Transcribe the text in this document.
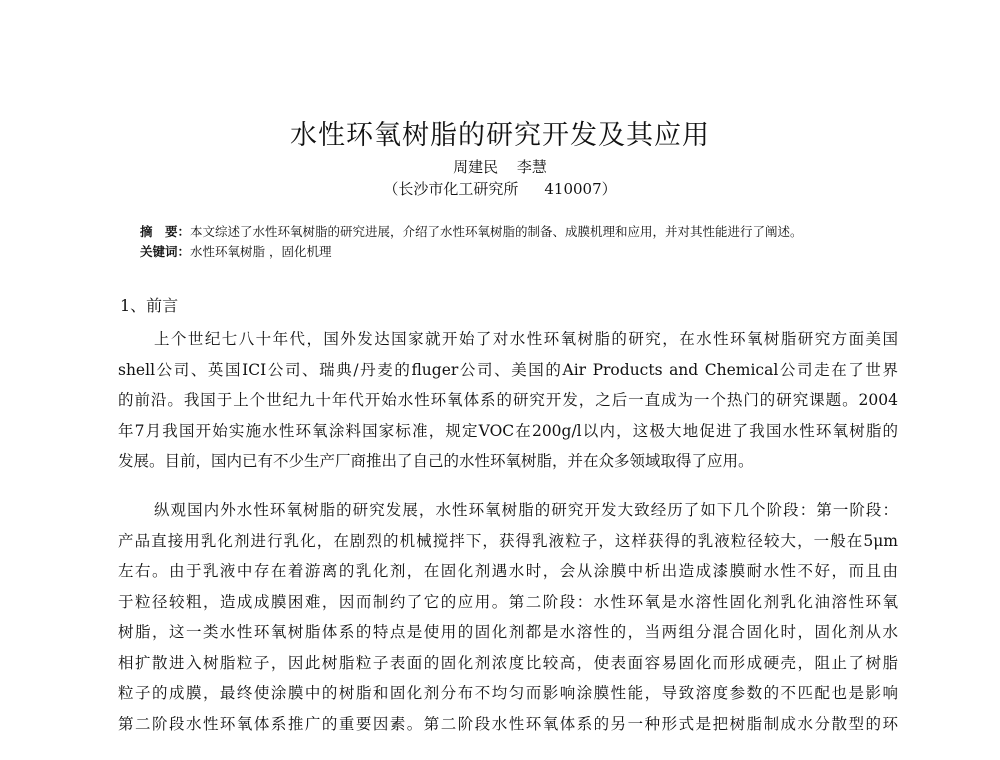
水性环氧树脂的研究开发及其应用
周建民 李慧
（长沙市化工研究所 410007）
摘　要：本文综述了水性环氧树脂的研究进展，介绍了水性环氧树脂的制备、成膜机理和应用，并对其性能进行了阐述。
关键词：水性环氧树脂 ，固化机理
1、前言
上个世纪七八十年代，国外发达国家就开始了对水性环氧树脂的研究，在水性环氧树脂研究方面美国
shell公司、英国ICI公司、瑞典/丹麦的fluger公司、美国的Air Products and Chemical公司走在了世界
的前沿。我国于上个世纪九十年代开始水性环氧体系的研究开发，之后一直成为一个热门的研究课题。2004
年7月我国开始实施水性环氧涂料国家标准，规定VOC在200g/l以内，这极大地促进了我国水性环氧树脂的
发展。目前，国内已有不少生产厂商推出了自己的水性环氧树脂，并在众多领域取得了应用。
纵观国内外水性环氧树脂的研究发展，水性环氧树脂的研究开发大致经历了如下几个阶段：第一阶段：
产品直接用乳化剂进行乳化，在剧烈的机械搅拌下，获得乳液粒子，这样获得的乳液粒径较大，一般在5μm
左右。由于乳液中存在着游离的乳化剂，在固化剂遇水时，会从涂膜中析出造成漆膜耐水性不好，而且由
于粒径较粗，造成成膜困难，因而制约了它的应用。第二阶段：水性环氧是水溶性固化剂乳化油溶性环氧
树脂，这一类水性环氧树脂体系的特点是使用的固化剂都是水溶性的，当两组分混合固化时，固化剂从水
相扩散进入树脂粒子，因此树脂粒子表面的固化剂浓度比较高，使表面容易固化而形成硬壳，阻止了树脂
粒子的成膜，最终使涂膜中的树脂和固化剂分布不均匀而影响涂膜性能，导致溶度参数的不匹配也是影响
第二阶段水性环氧体系推广的重要因素。第二阶段水性环氧体系的另一种形式是把树脂制成水分散型的环
